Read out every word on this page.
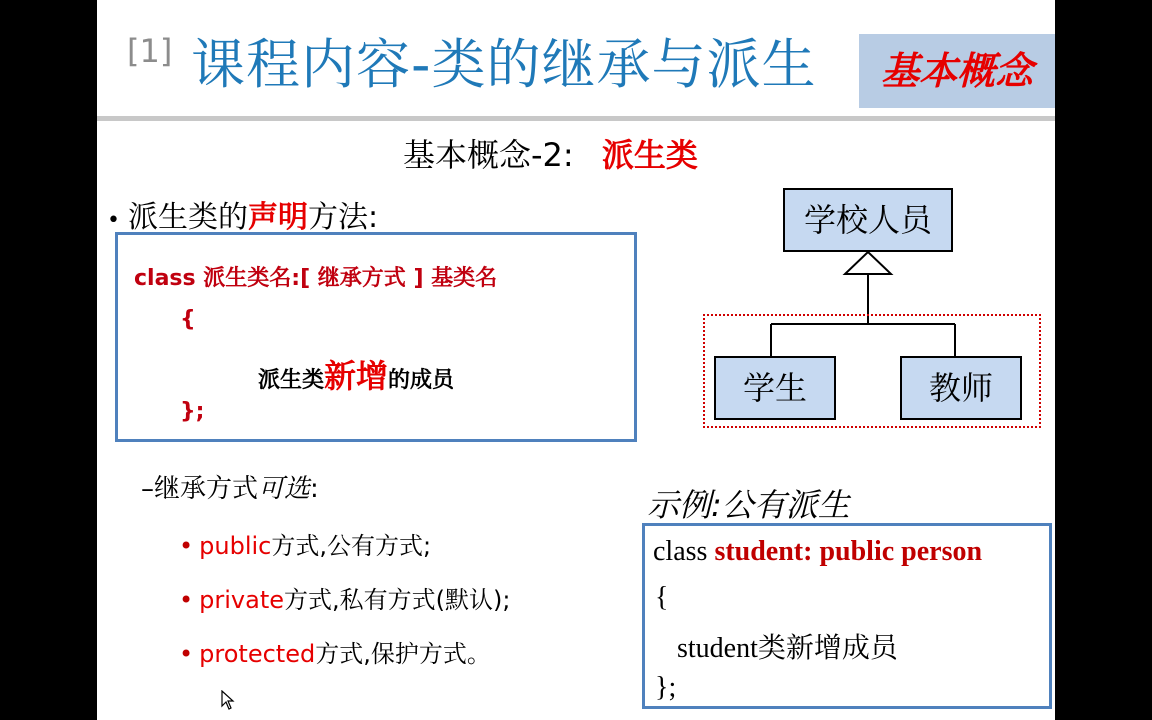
[1] 课程内容-类的继承与派生	基本概念
基本概念-2: 派生类
• 派生类的声明方法:
class 派生类名:[ 继承方式 ] 基类名
{
派生类新增的成员
};
–继承方式可选:
• public方式,公有方式;
• private方式,私有方式(默认);
• protected方式,保护方式。
学校人员
学生	教师
示例:公有派生
class student: public person
{
student类新增成员
};
